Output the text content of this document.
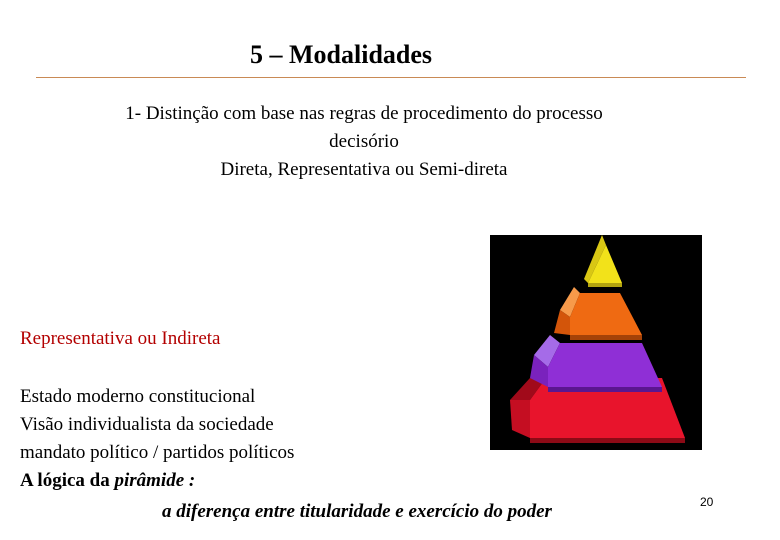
5 – Modalidades
1- Distinção com base nas regras de procedimento do processo
decisório
Direta, Representativa ou Semi-direta
Representativa ou Indireta
Estado moderno constitucional
Visão individualista da sociedade
mandato político / partidos políticos
A lógica da pirâmide :
a diferença entre titularidade e exercício do poder	20
